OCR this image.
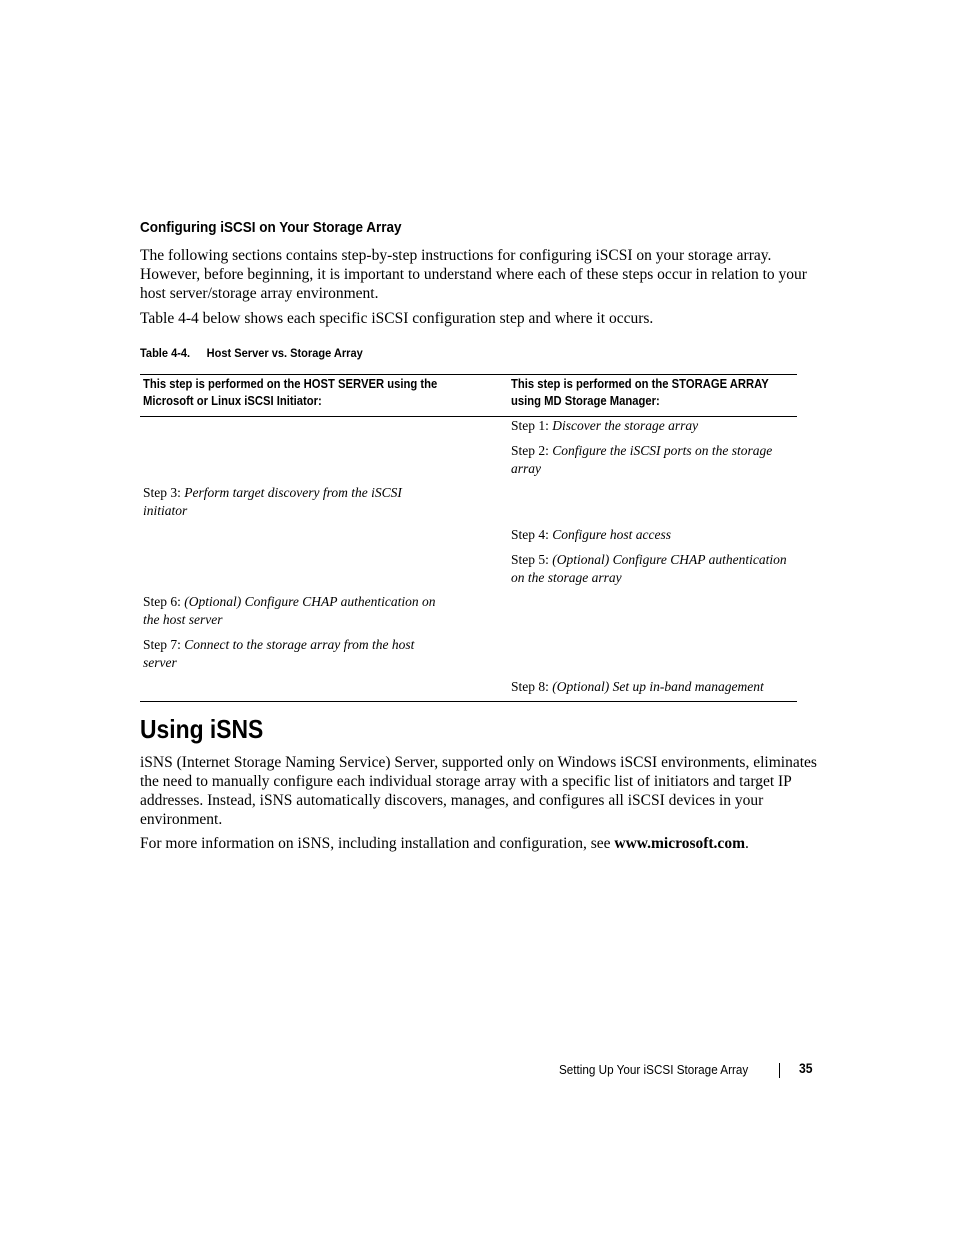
Configuring iSCSI on Your Storage Array

The following sections contains step-by-step instructions for configuring iSCSI on your storage array. However, before beginning, it is important to understand where each of these steps occur in relation to your host server/storage array environment.

Table 4-4 below shows each specific iSCSI configuration step and where it occurs.

Table 4-4. Host Server vs. Storage Array
This step is performed on the HOST SERVER using the Microsoft or Linux iSCSI Initiator:
This step is performed on the STORAGE ARRAY using MD Storage Manager:
Step 1: Discover the storage array
Step 2: Configure the iSCSI ports on the storage array
Step 3: Perform target discovery from the iSCSI initiator
Step 4: Configure host access
Step 5: (Optional) Configure CHAP authentication on the storage array
Step 6: (Optional) Configure CHAP authentication on the host server
Step 7: Connect to the storage array from the host server
Step 8: (Optional) Set up in-band management
Using iSNS

iSNS (Internet Storage Naming Service) Server, supported only on Windows iSCSI environments, eliminates the need to manually configure each individual storage array with a specific list of initiators and target IP addresses. Instead, iSNS automatically discovers, manages, and configures all iSCSI devices in your environment.

For more information on iSNS, including installation and configuration, see www.microsoft.com.

Setting Up Your iSCSI Storage Array	35
